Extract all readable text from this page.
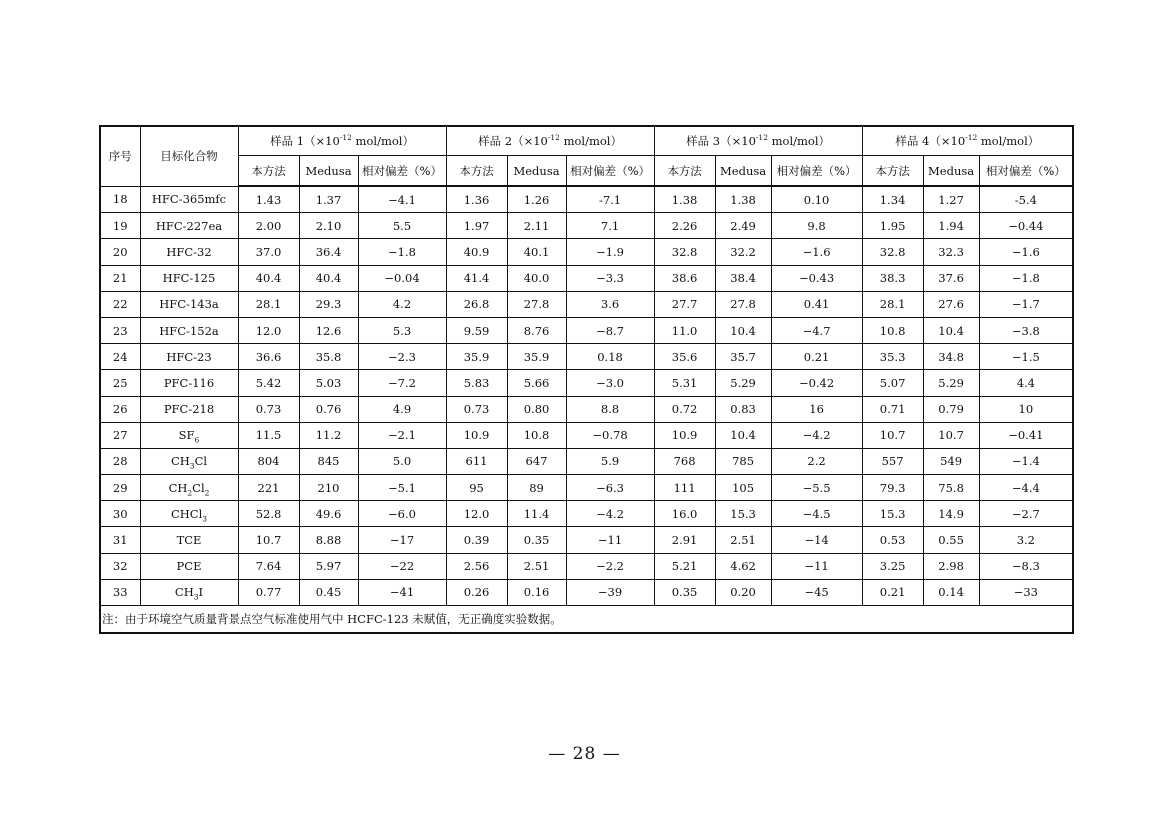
序号	目标化合物	样品 $1(\times 10^{-12}$ mol/mol）			样品 $2(\times 10^{-12}$ mol/mol）			样品 $3(\times 10^{-12}$ mol/mol）			样品 $4(\times 10^{-12}$ mol/mol）		
		本方法	Medusa	相对偏差（%）	本方法	Medusa	相对偏差（%）	本方法	Medusa	相对偏差（%）	本方法	Medusa	相对偏差（%）
18	HFC-365mfc	1.43	1.37	−4.1	1.36	1.26	-7.1	1.38	1.38	0.10	1.34	1.27	-5.4
19	HFC-227ea	2.00	2.10	5.5	1.97	2.11	7.1	2.26	2.49	9.8	1.95	1.94	−0.44
20	HFC-32	37.0	36.4	−1.8	40.9	40.1	−1.9	32.8	32.2	−1.6	32.8	32.3	−1.6
21	HFC-125	40.4	40.4	−0.04	41.4	40.0	−3.3	38.6	38.4	−0.43	38.3	37.6	−1.8
22	HFC-143a	28.1	29.3	4.2	26.8	27.8	3.6	27.7	27.8	0.41	28.1	27.6	−1.7
23	HFC-152a	12.0	12.6	5.3	9.59	8.76	−8.7	11.0	10.4	−4.7	10.8	10.4	−3.8
24	HFC-23	36.6	35.8	−2.3	35.9	35.9	0.18	35.6	35.7	0.21	35.3	34.8	−1.5
25	PFC-116	5.42	5.03	−7.2	5.83	5.66	−3.0	5.31	5.29	−0.42	5.07	5.29	4.4
26	PFC-218	0.73	0.76	4.9	0.73	0.80	8.8	0.72	0.83	16	0.71	0.79	10
27	$SF_6$	11.5	11.2	−2.1	10.9	10.8	−0.78	10.9	10.4	−4.2	10.7	10.7	−0.41
28	$CH_3Cl$	804	845	5.0	611	647	5.9	768	785	2.2	557	549	−1.4
29	$CH_2Cl_2$	221	210	−5.1	95	89	−6.3	111	105	−5.5	79.3	75.8	−4.4
30	CHCl$_3$	52.8	49.6	−6.0	12.0	11.4	−4.2	16.0	15.3	−4.5	15.3	14.9	−2.7
31	TCE	10.7	8.88	−17	0.39	0.35	−11	2.91	2.51	−14	0.53	0.55	3.2
32	PCE	7.64	5.97	−22	2.56	2.51	−2.2	5.21	4.62	−11	3.25	2.98	−8.3
33	$CH_3I$	0.77	0.45	−41	0.26	0.16	−39	0.35	0.20	−45	0.21	0.14	−33
注：由于环境空气质量背景点空气标准使用气中 HCFC-123 未赋值，无正确度实验数据。													
— 28 —
